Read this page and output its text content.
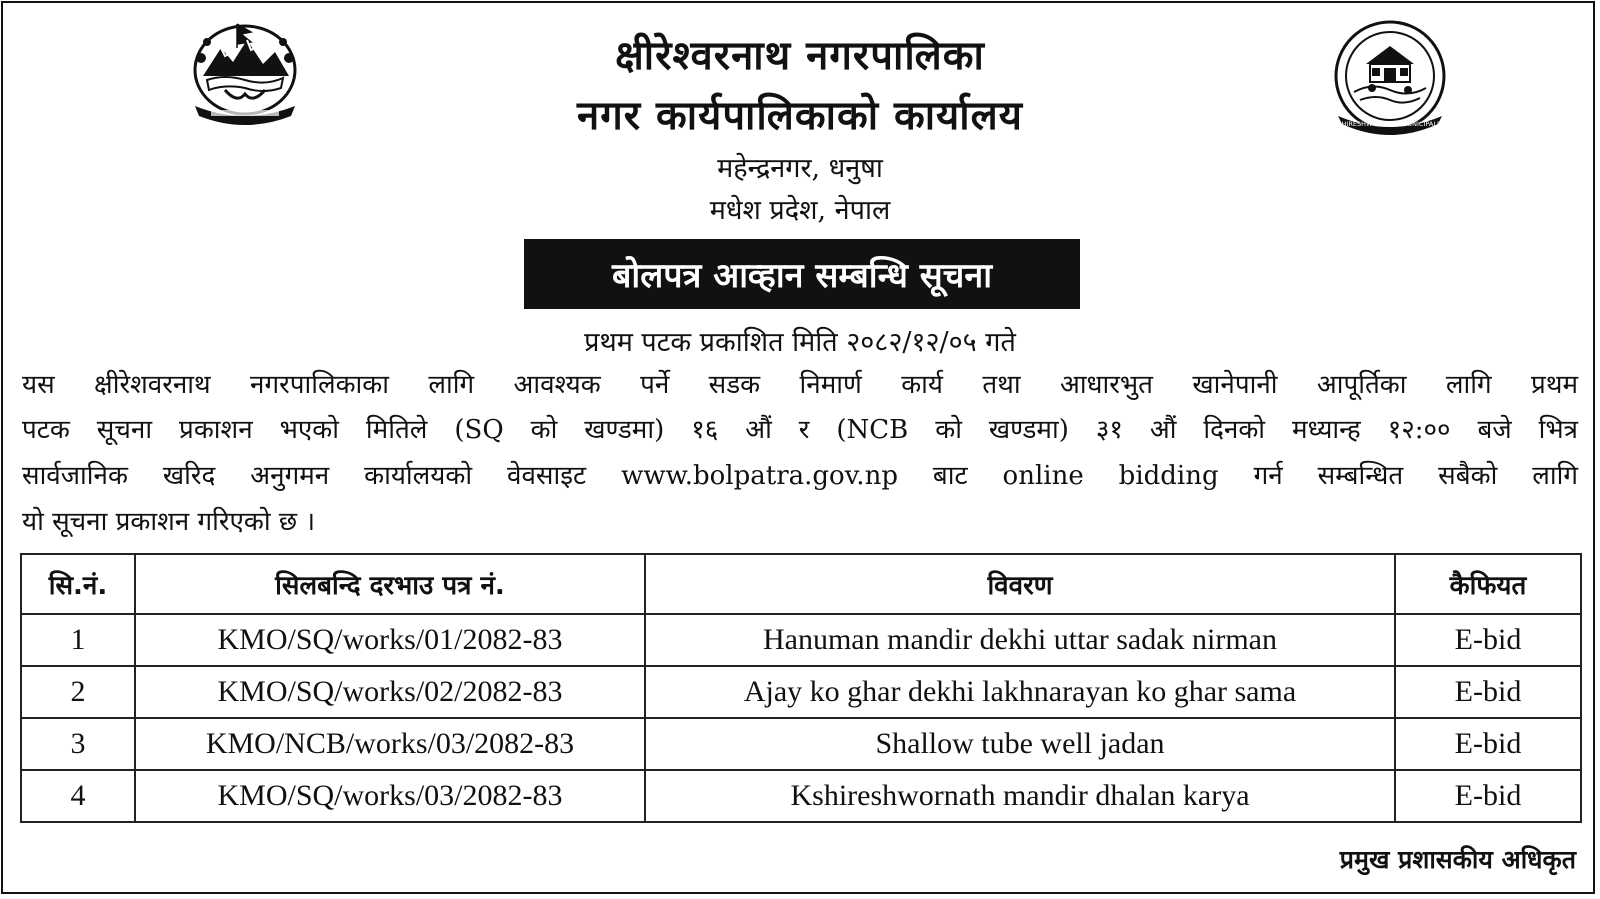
KSHIRESHWORNATH MUNICIPALITY
क्षीरेश्वरनाथ नगरपालिका
नगर कार्यपालिकाको कार्यालय
महेन्द्रनगर, धनुषा
मधेश प्रदेश, नेपाल
बोलपत्र आव्हान सम्बन्धि सूचना
प्रथम पटक प्रकाशित मिति २०८२/१२/०५ गते
यस क्षीरेशवरनाथ नगरपालिकाका लागि आवश्यक पर्ने सडक निमार्ण कार्य तथा आधारभुत खानेपानी आपूर्तिका लागि प्रथम
पटक सूचना प्रकाशन भएको मितिले (SQ को खण्डमा) १६ औं र (NCB को खण्डमा) ३१ औं दिनको मध्यान्ह १२:०० बजे भित्र
सार्वजानिक खरिद अनुगमन कार्यालयको वेवसाइट www.bolpatra.gov.np बाट online bidding गर्न सम्बन्धित सबैको लागि
यो सूचना प्रकाशन गरिएको छ ।
सि.नं.	सिलबन्दि दरभाउ पत्र नं.	विवरण	कैफियत
1	KMO/SQ/works/01/2082-83	Hanuman mandir dekhi uttar sadak nirman	E-bid
2	KMO/SQ/works/02/2082-83	Ajay ko ghar dekhi lakhnarayan ko ghar sama	E-bid
3	KMO/NCB/works/03/2082-83	Shallow tube well jadan	E-bid
4	KMO/SQ/works/03/2082-83	Kshireshwornath mandir dhalan karya	E-bid
प्रमुख प्रशासकीय अधिकृत
